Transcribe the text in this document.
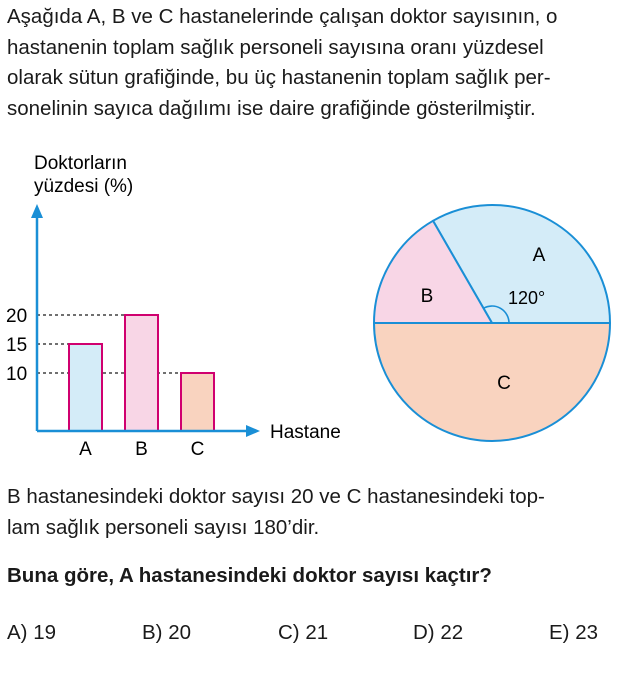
Aşağıda A, B ve C hastanelerinde çalışan doktor sayısının, o
hastanenin toplam sağlık personeli sayısına oranı yüzdesel
olarak sütun grafiğinde, bu üç hastanenin toplam sağlık per-
sonelinin sayıca dağılımı ise daire grafiğinde gösterilmiştir.

Doktorların
yüzdesi (%)
10
15
20
A B C
Hastane
A
B
C
120°

B hastanesindeki doktor sayısı 20 ve C hastanesindeki top-
lam sağlık personeli sayısı 180’dir.

Buna göre, A hastanesindeki doktor sayısı kaçtır?

A) 19	B) 20	C) 21	D) 22	E) 23
